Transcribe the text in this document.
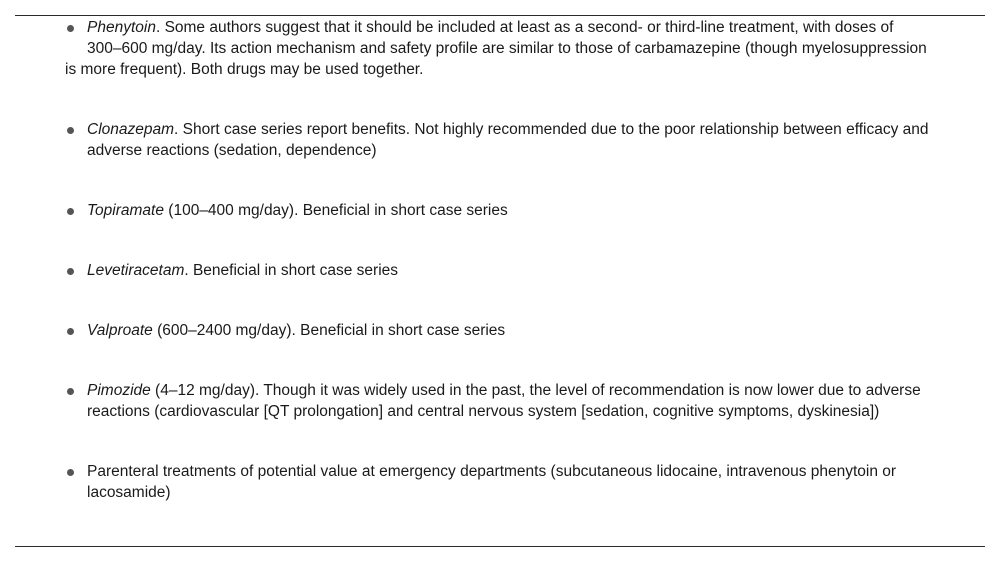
Phenytoin. Some authors suggest that it should be included at least as a second- or third-line treatment, with doses of
300–600 mg/day. Its action mechanism and safety profile are similar to those of carbamazepine (though myelosuppression
is more frequent). Both drugs may be used together.
Clonazepam. Short case series report benefits. Not highly recommended due to the poor relationship between efficacy and adverse reactions (sedation, dependence)
Topiramate (100–400 mg/day). Beneficial in short case series
Levetiracetam. Beneficial in short case series
Valproate (600–2400 mg/day). Beneficial in short case series
Pimozide (4–12 mg/day). Though it was widely used in the past, the level of recommendation is now lower due to adverse reactions (cardiovascular [QT prolongation] and central nervous system [sedation, cognitive symptoms, dyskinesia])
Parenteral treatments of potential value at emergency departments (subcutaneous lidocaine, intravenous phenytoin or lacosamide)
